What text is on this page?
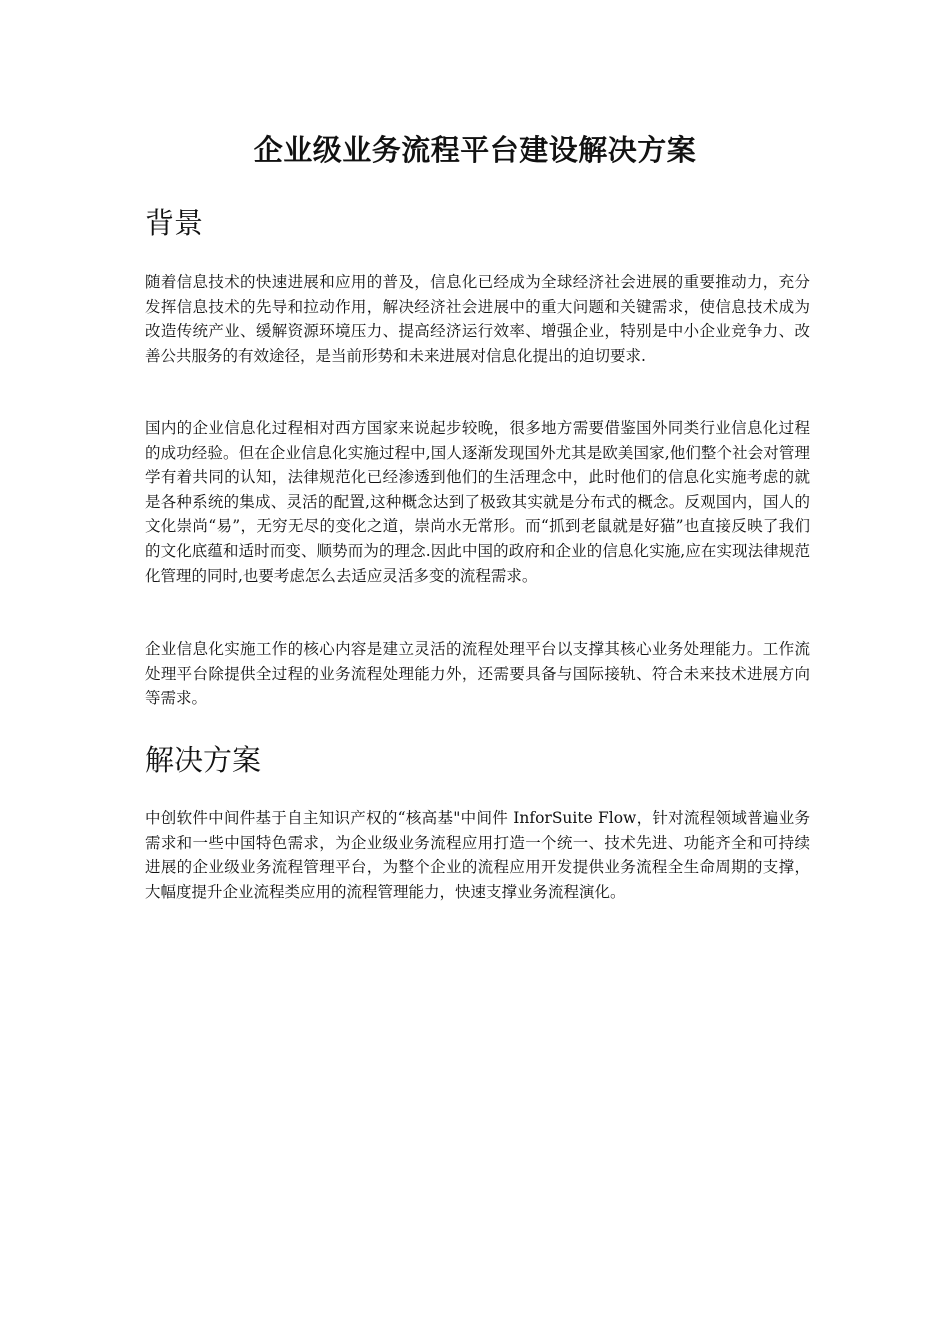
企业级业务流程平台建设解决方案
背景

随着信息技术的快速进展和应用的普及，信息化已经成为全球经济社会进展的重要推动力，充分发挥信息技术的先导和拉动作用，解决经济社会进展中的重大问题和关键需求，使信息技术成为改造传统产业、缓解资源环境压力、提高经济运行效率、增强企业，特别是中小企业竞争力、改善公共服务的有效途径，是当前形势和未来进展对信息化提出的迫切要求.

国内的企业信息化过程相对西方国家来说起步较晚，很多地方需要借鉴国外同类行业信息化过程的成功经验。但在企业信息化实施过程中,国人逐渐发现国外尤其是欧美国家,他们整个社会对管理学有着共同的认知，法律规范化已经渗透到他们的生活理念中，此时他们的信息化实施考虑的就是各种系统的集成、灵活的配置,这种概念达到了极致其实就是分布式的概念。反观国内，国人的文化崇尚“易”，无穷无尽的变化之道，崇尚水无常形。而“抓到老鼠就是好猫”也直接反映了我们的文化底蕴和适时而变、顺势而为的理念.因此中国的政府和企业的信息化实施,应在实现法律规范化管理的同时,也要考虑怎么去适应灵活多变的流程需求。

企业信息化实施工作的核心内容是建立灵活的流程处理平台以支撑其核心业务处理能力。工作流处理平台除提供全过程的业务流程处理能力外，还需要具备与国际接轨、符合未来技术进展方向等需求。

解决方案

中创软件中间件基于自主知识产权的“核高基"中间件 InforSuite Flow，针对流程领域普遍业务需求和一些中国特色需求，为企业级业务流程应用打造一个统一、技术先进、功能齐全和可持续进展的企业级业务流程管理平台，为整个企业的流程应用开发提供业务流程全生命周期的支撑，大幅度提升企业流程类应用的流程管理能力，快速支撑业务流程演化。
